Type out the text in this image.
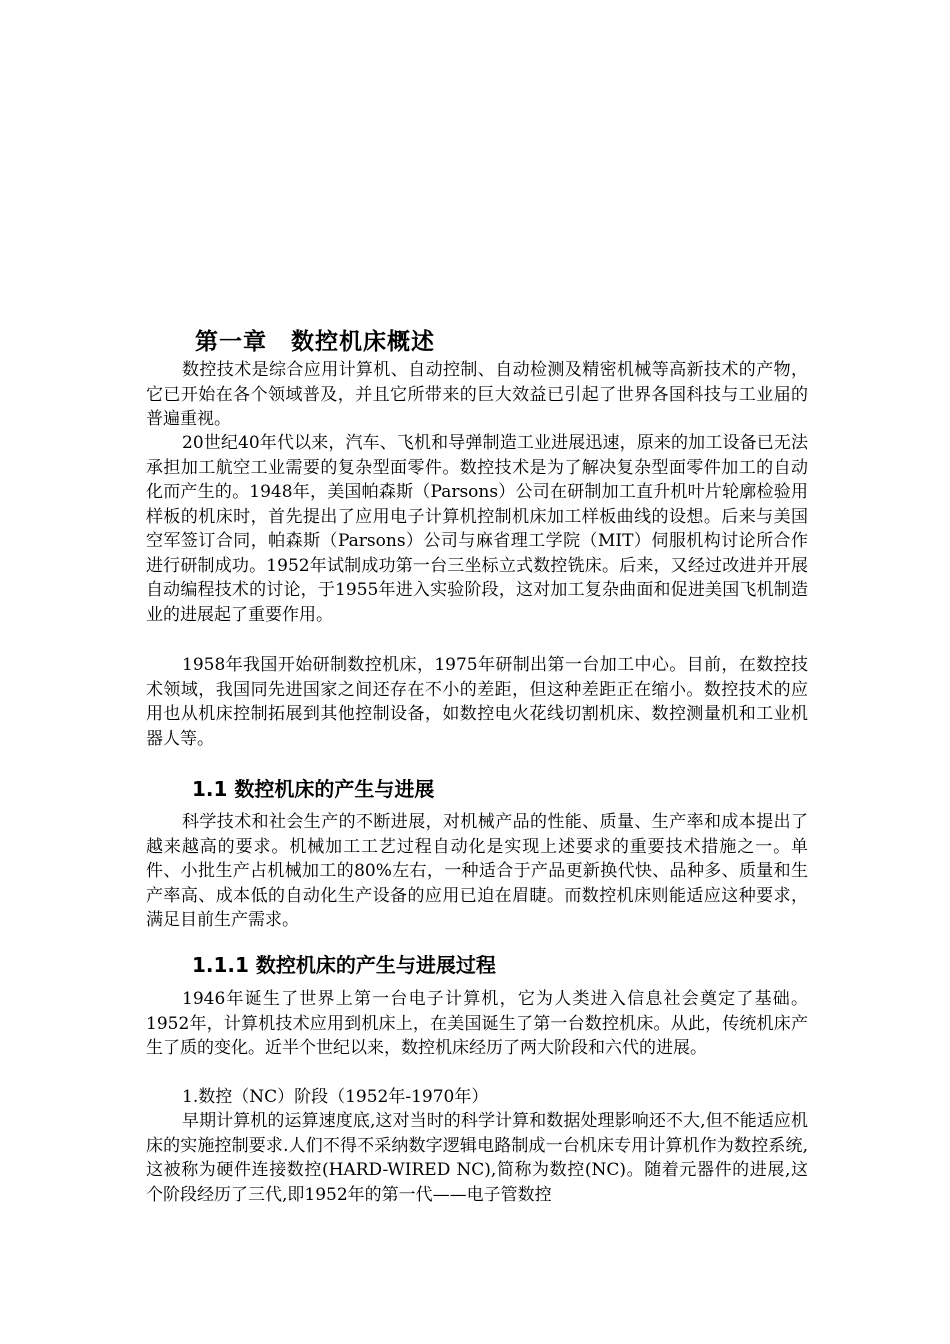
第一章　数控机床概述

数控技术是综合应用计算机、自动控制、自动检测及精密机械等高新技术的产物，它已开始在各个领域普及，并且它所带来的巨大效益已引起了世界各国科技与工业届的普遍重视。

20世纪40年代以来，汽车、飞机和导弹制造工业进展迅速，原来的加工设备已无法承担加工航空工业需要的复杂型面零件。数控技术是为了解决复杂型面零件加工的自动化而产生的。1948年，美国帕森斯（Parsons）公司在研制加工直升机叶片轮廓检验用样板的机床时，首先提出了应用电子计算机控制机床加工样板曲线的设想。后来与美国空军签订合同，帕森斯（Parsons）公司与麻省理工学院（MIT）伺服机构讨论所合作进行研制成功。1952年试制成功第一台三坐标立式数控铣床。后来，又经过改进并开展自动编程技术的讨论，于1955年进入实验阶段，这对加工复杂曲面和促进美国飞机制造业的进展起了重要作用。

1958年我国开始研制数控机床，1975年研制出第一台加工中心。目前，在数控技术领域，我国同先进国家之间还存在不小的差距，但这种差距正在缩小。数控技术的应用也从机床控制拓展到其他控制设备，如数控电火花线切割机床、数控测量机和工业机器人等。

1.1 数控机床的产生与进展

科学技术和社会生产的不断进展，对机械产品的性能、质量、生产率和成本提出了越来越高的要求。机械加工工艺过程自动化是实现上述要求的重要技术措施之一。单件、小批生产占机械加工的80%左右，一种适合于产品更新换代快、品种多、质量和生产率高、成本低的自动化生产设备的应用已迫在眉睫。而数控机床则能适应这种要求，满足目前生产需求。

1.1.1 数控机床的产生与进展过程

1946年诞生了世界上第一台电子计算机，它为人类进入信息社会奠定了基础。1952年，计算机技术应用到机床上，在美国诞生了第一台数控机床。从此，传统机床产生了质的变化。近半个世纪以来，数控机床经历了两大阶段和六代的进展。

1.数控（NC）阶段（1952年-1970年）

早期计算机的运算速度底,这对当时的科学计算和数据处理影响还不大,但不能适应机床的实施控制要求.人们不得不采纳数字逻辑电路制成一台机床专用计算机作为数控系统,这被称为硬件连接数控(HARD-WIRED NC),简称为数控(NC)。随着元器件的进展,这个阶段经历了三代,即1952年的第一代——电子管数控
